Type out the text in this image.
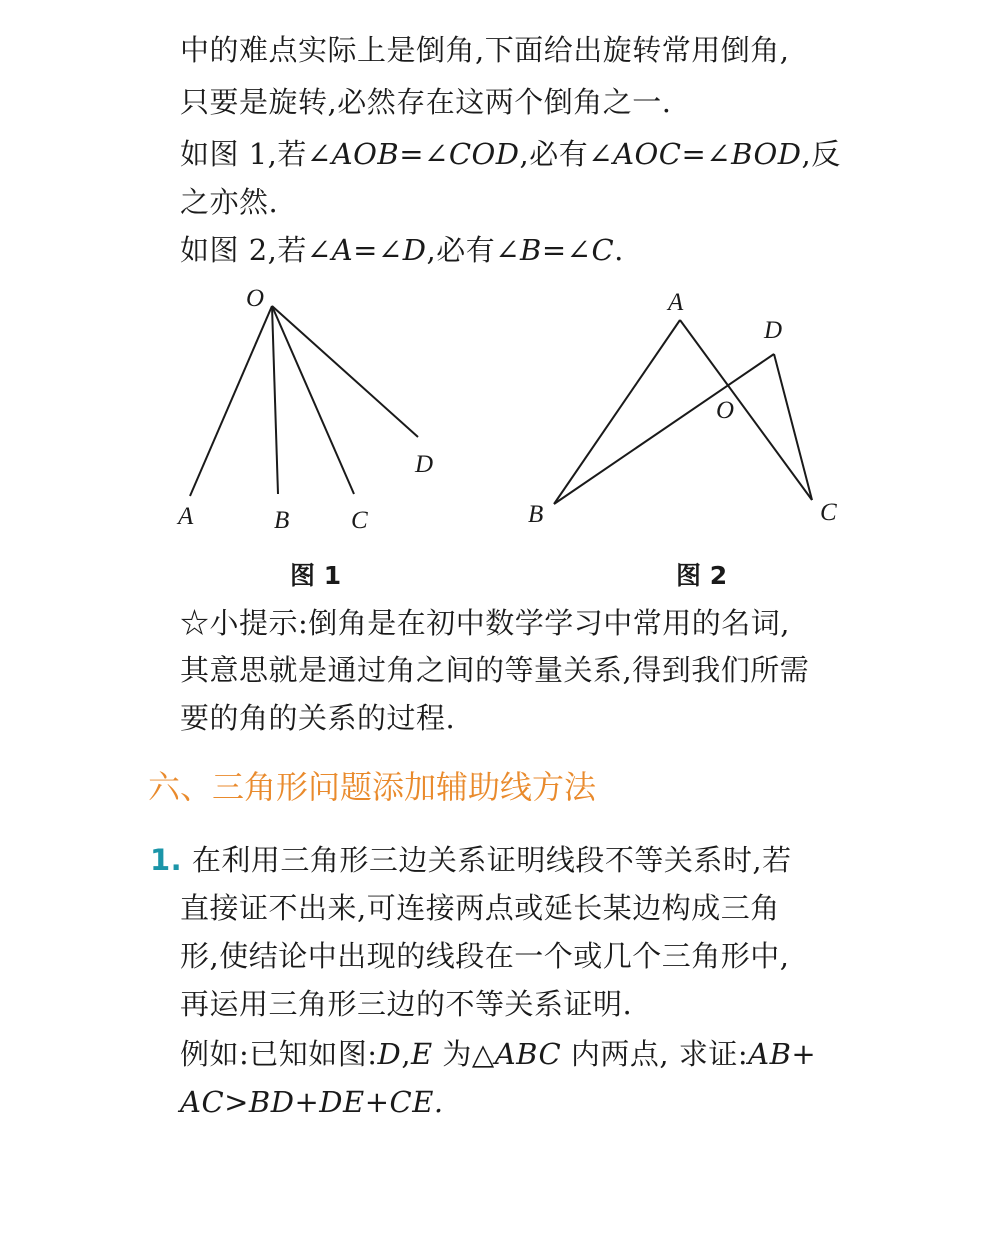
中的难点实际上是倒角,下面给出旋转常用倒角,
只要是旋转,必然存在这两个倒角之一.
如图 1,若∠AOB=∠COD,必有∠AOC=∠BOD,反
之亦然.
如图 2,若∠A=∠D,必有∠B=∠C.
O
A	B C
D
图 1
A
D
O
B	C
图 2
☆小提示:倒角是在初中数学学习中常用的名词,
其意思就是通过角之间的等量关系,得到我们所需
要的角的关系的过程.
六、三角形问题添加辅助线方法
1. 在利用三角形三边关系证明线段不等关系时,若
直接证不出来,可连接两点或延长某边构成三角
形,使结论中出现的线段在一个或几个三角形中,
再运用三角形三边的不等关系证明.
例如:已知如图:D,E 为△ABC 内两点, 求证:AB+
AC>BD+DE+CE.
